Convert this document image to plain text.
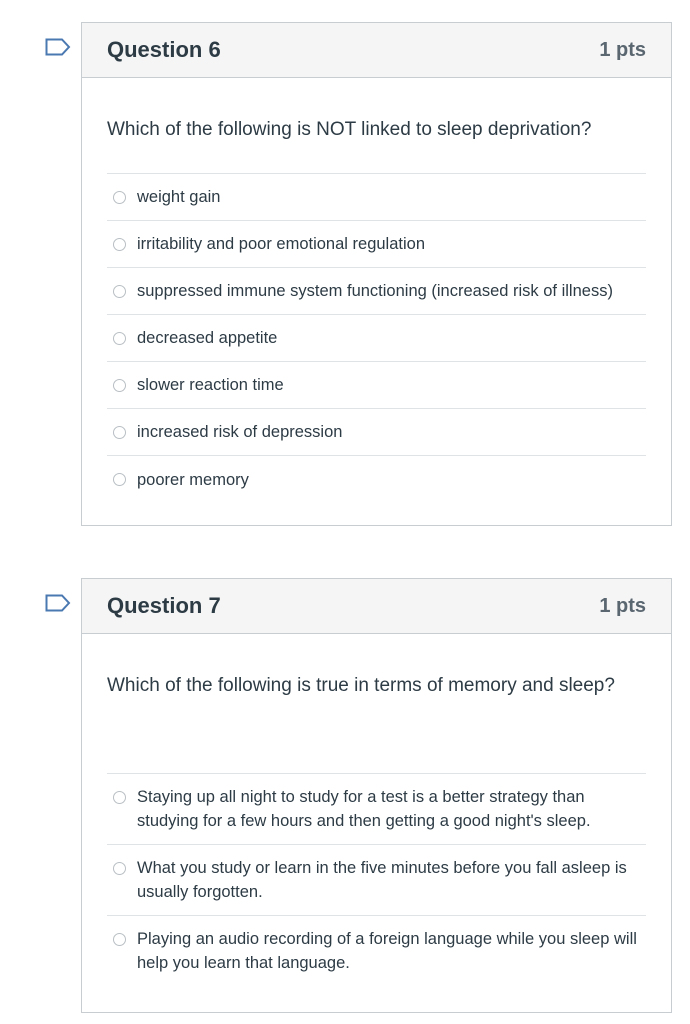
Question 6	1 pts
Which of the following is NOT linked to sleep deprivation?
weight gain
irritability and poor emotional regulation
suppressed immune system functioning (increased risk of illness)
decreased appetite
slower reaction time
increased risk of depression
poorer memory
Question 7	1 pts
Which of the following is true in terms of memory and sleep?
Staying up all night to study for a test is a better strategy than studying for a few hours and then getting a good night's sleep.
What you study or learn in the five minutes before you fall asleep is usually forgotten.
Playing an audio recording of a foreign language while you sleep will help you learn that language.
